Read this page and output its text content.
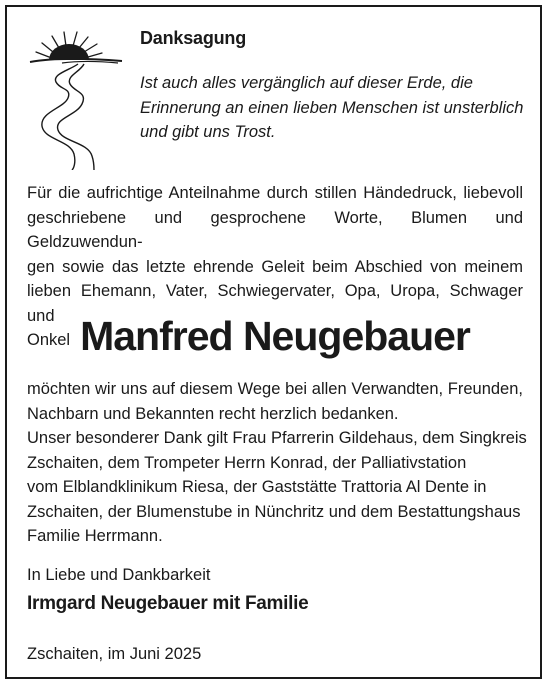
Danksagung
Ist auch alles vergänglich auf dieser Erde, die
Erinnerung an einen lieben Menschen ist unsterblich
und gibt uns Trost.
Für die aufrichtige Anteilnahme durch stillen Händedruck, liebevoll
geschriebene und gesprochene Worte, Blumen und Geldzuwendun-
gen sowie das letzte ehrende Geleit beim Abschied von meinem
lieben Ehemann, Vater, Schwiegervater, Opa, Uropa, Schwager und
Onkel Manfred Neugebauer
möchten wir uns auf diesem Wege bei allen Verwandten, Freunden,
Nachbarn und Bekannten recht herzlich bedanken.
Unser besonderer Dank gilt Frau Pfarrerin Gildehaus, dem Singkreis
Zschaiten, dem Trompeter Herrn Konrad, der Palliativstation
vom Elblandklinikum Riesa, der Gaststätte Trattoria Al Dente in
Zschaiten, der Blumenstube in Nünchritz und dem Bestattungshaus
Familie Herrmann.
In Liebe und Dankbarkeit
Irmgard Neugebauer mit Familie
Zschaiten, im Juni 2025
